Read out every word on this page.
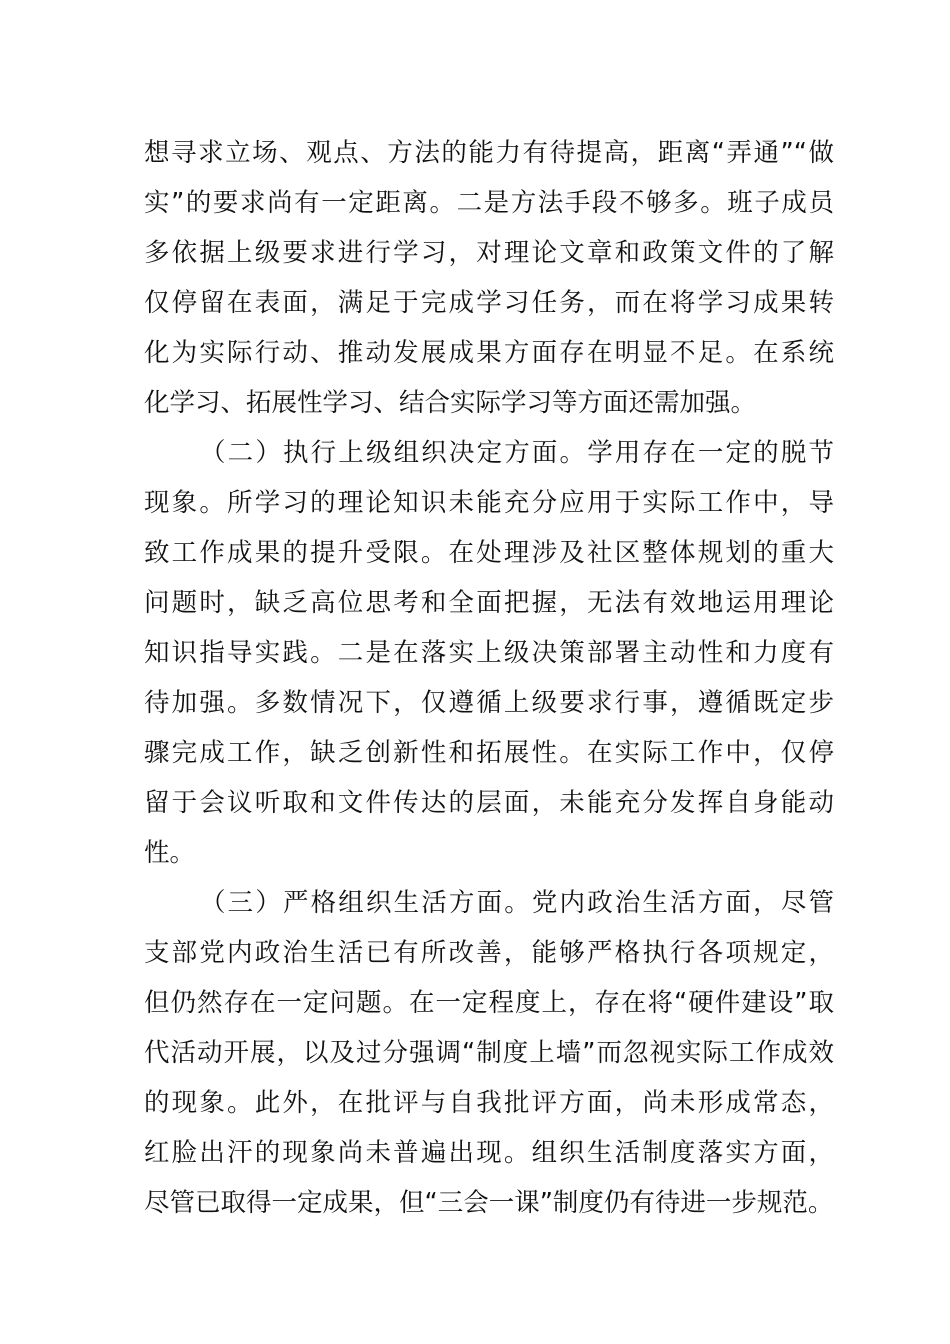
想寻求立场、观点、方法的能力有待提高，距离“弄通”“做
实”的要求尚有一定距离。二是方法手段不够多。班子成员
多依据上级要求进行学习，对理论文章和政策文件的了解
仅停留在表面，满足于完成学习任务，而在将学习成果转
化为实际行动、推动发展成果方面存在明显不足。在系统
化学习、拓展性学习、结合实际学习等方面还需加强。
（二）执行上级组织决定方面。学用存在一定的脱节
现象。所学习的理论知识未能充分应用于实际工作中，导
致工作成果的提升受限。在处理涉及社区整体规划的重大
问题时，缺乏高位思考和全面把握，无法有效地运用理论
知识指导实践。二是在落实上级决策部署主动性和力度有
待加强。多数情况下，仅遵循上级要求行事，遵循既定步
骤完成工作，缺乏创新性和拓展性。在实际工作中，仅停
留于会议听取和文件传达的层面，未能充分发挥自身能动
性。
（三）严格组织生活方面。党内政治生活方面，尽管
支部党内政治生活已有所改善，能够严格执行各项规定，
但仍然存在一定问题。在一定程度上，存在将“硬件建设”取
代活动开展，以及过分强调“制度上墙”而忽视实际工作成效
的现象。此外，在批评与自我批评方面，尚未形成常态，
红脸出汗的现象尚未普遍出现。组织生活制度落实方面，
尽管已取得一定成果，但“三会一课”制度仍有待进一步规范。
